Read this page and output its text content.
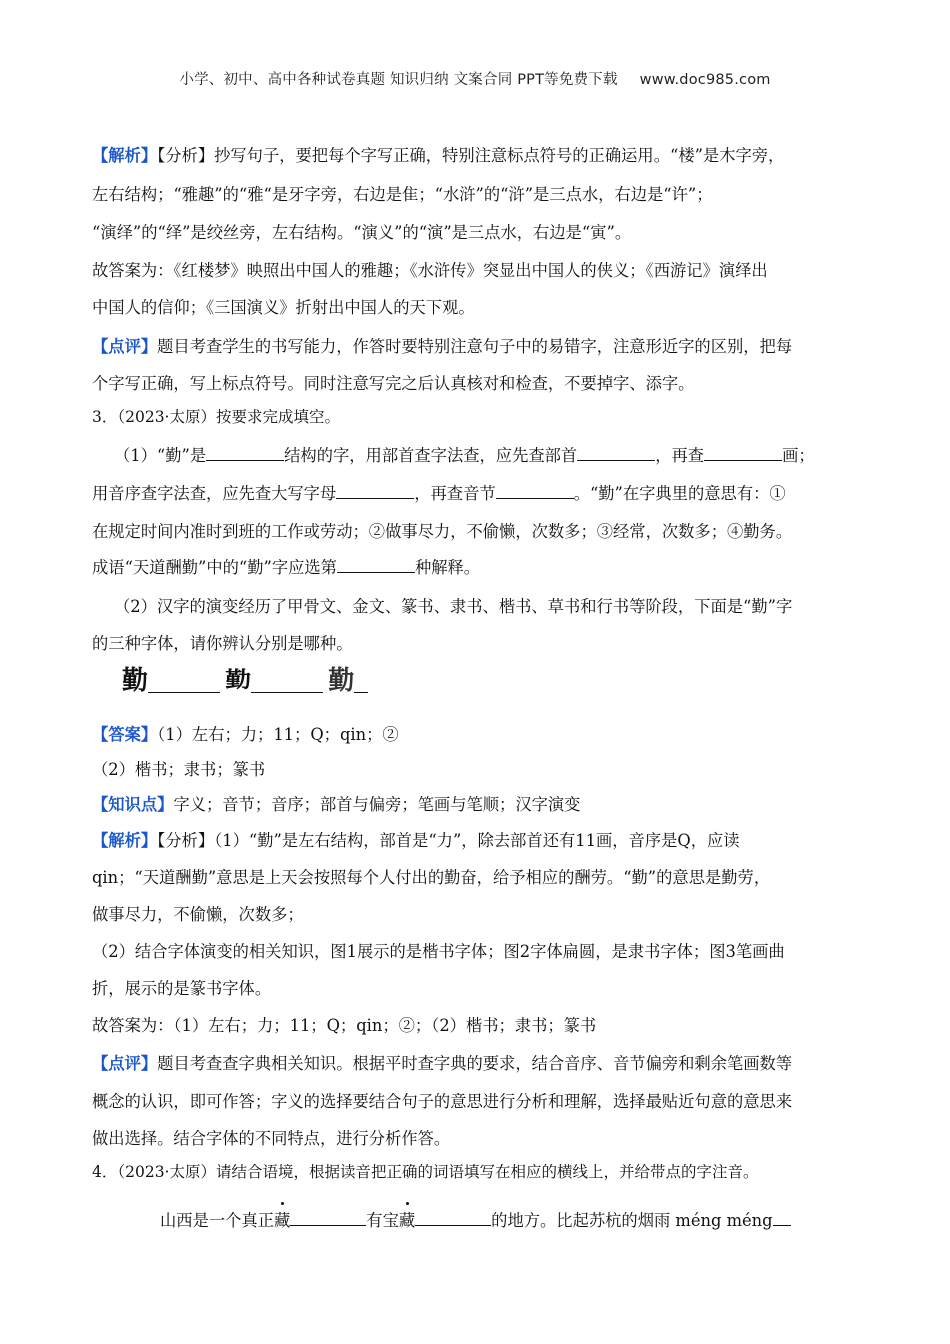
小学、初中、高中各种试卷真题 知识归纳 文案合同 PPT等免费下载 www.doc985.com
【解析】【分析】抄写句子，要把每个字写正确，特别注意标点符号的正确运用。“楼”是木字旁，
左右结构；“雅趣”的“雅“是牙字旁，右边是隹；“水浒”的“浒”是三点水，右边是“许”；
“演绎”的“绎”是绞丝旁，左右结构。“演义”的“演”是三点水，右边是“寅”。
故答案为：《红楼梦》映照出中国人的雅趣；《水浒传》突显出中国人的侠义；《西游记》演绎出
中国人的信仰；《三国演义》折射出中国人的天下观。
【点评】题目考查学生的书写能力，作答时要特别注意句子中的易错字，注意形近字的区别，把每
个字写正确，写上标点符号。同时注意写完之后认真核对和检查，不要掉字、添字。
3．（2023·太原）按要求完成填空。
（1）“勤”是	结构的字，用部首查字法查，应先查部首	，再查	画；
用音序查字法查，应先查大写字母	，再查音节	。“勤”在字典里的意思有：①
在规定时间内准时到班的工作或劳动；②做事尽力，不偷懒，次数多；③经常，次数多；④勤务。
成语“天道酬勤”中的“勤”字应选第	种解释。
（2）汉字的演变经历了甲骨文、金文、篆书、隶书、楷书、草书和行书等阶段，下面是“勤”字
的三种字体，请你辨认分别是哪种。
勤	勤	勤
【答案】（1）左右；力；11；Q；qin；②
（2）楷书；隶书；篆书
【知识点】字义；音节；音序；部首与偏旁；笔画与笔顺；汉字演变
【解析】【分析】（1）“勤”是左右结构，部首是“力”，除去部首还有11画，音序是Q，应读
qin；“天道酬勤”意思是上天会按照每个人付出的勤奋，给予相应的酬劳。“勤”的意思是勤劳，
做事尽力，不偷懒，次数多；
（2）结合字体演变的相关知识，图1展示的是楷书字体；图2字体扁圆，是隶书字体；图3笔画曲
折，展示的是篆书字体。
故答案为：（1）左右；力；11；Q；qin；②；（2）楷书；隶书；篆书
【点评】题目考查查字典相关知识。根据平时查字典的要求，结合音序、音节偏旁和剩余笔画数等
概念的认识，即可作答；字义的选择要结合句子的意思进行分析和理解，选择最贴近句意的意思来
做出选择。结合字体的不同特点，进行分析作答。
4．（2023·太原）请结合语境，根据读音把正确的词语填写在相应的横线上，并给带点的字注音。
山西是一个真正藏	有宝藏	的地方。比起苏杭的烟雨 méng méng
